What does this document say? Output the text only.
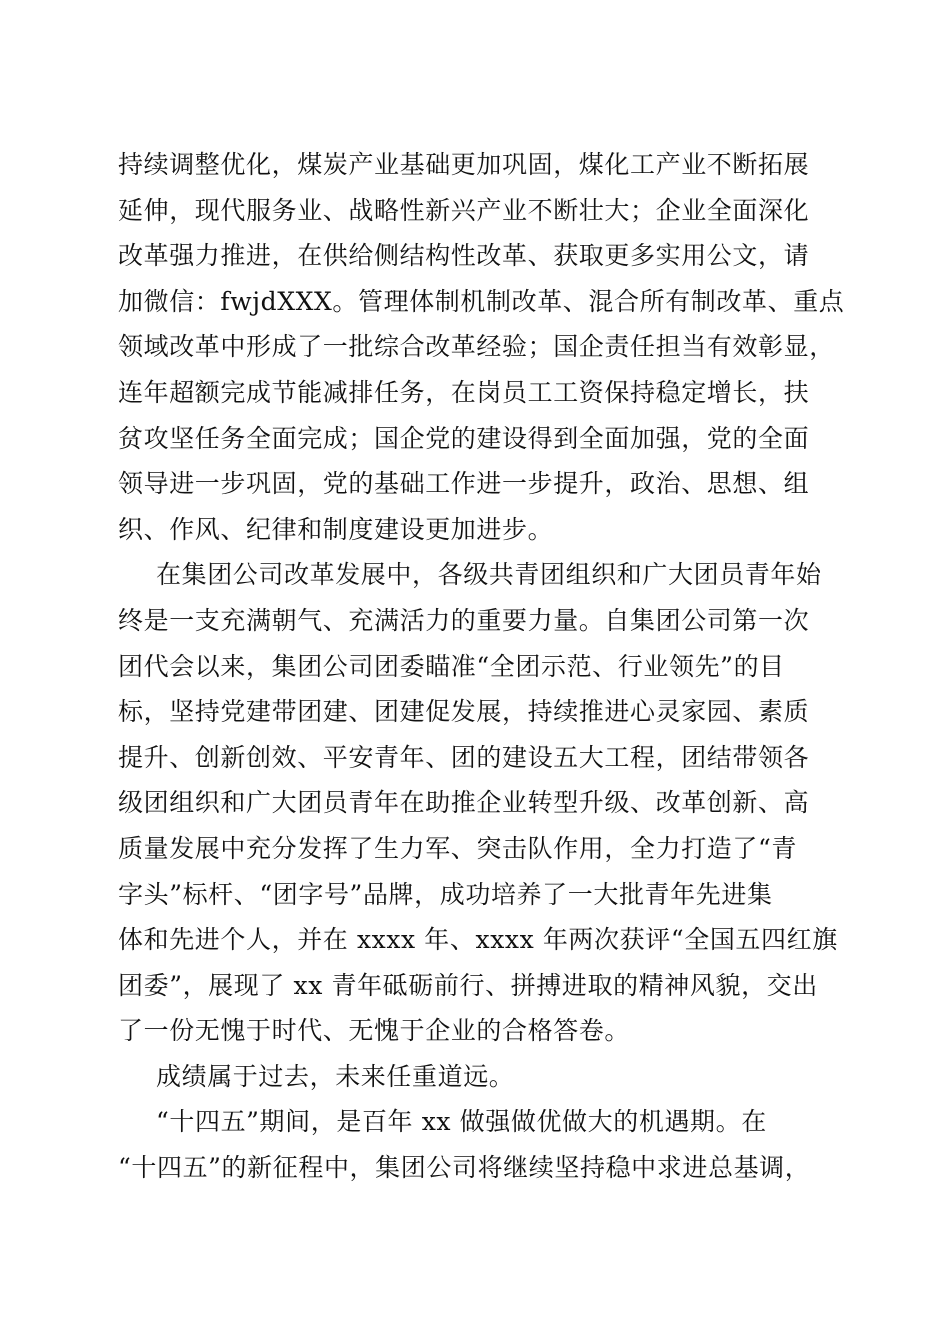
持续调整优化，煤炭产业基础更加巩固，煤化工产业不断拓展
延伸，现代服务业、战略性新兴产业不断壮大；企业全面深化
改革强力推进，在供给侧结构性改革、获取更多实用公文，请
加微信：fwjdXXX。管理体制机制改革、混合所有制改革、重点
领域改革中形成了一批综合改革经验；国企责任担当有效彰显，
连年超额完成节能减排任务，在岗员工工资保持稳定增长，扶
贫攻坚任务全面完成；国企党的建设得到全面加强，党的全面
领导进一步巩固，党的基础工作进一步提升，政治、思想、组
织、作风、纪律和制度建设更加进步。
在集团公司改革发展中，各级共青团组织和广大团员青年始
终是一支充满朝气、充满活力的重要力量。自集团公司第一次
团代会以来，集团公司团委瞄准“全团示范、行业领先”的目
标，坚持党建带团建、团建促发展，持续推进心灵家园、素质
提升、创新创效、平安青年、团的建设五大工程，团结带领各
级团组织和广大团员青年在助推企业转型升级、改革创新、高
质量发展中充分发挥了生力军、突击队作用，全力打造了“青
字头”标杆、“团字号”品牌，成功培养了一大批青年先进集
体和先进个人，并在 xxxx 年、xxxx 年两次获评“全国五四红旗
团委”，展现了 xx 青年砥砺前行、拼搏进取的精神风貌，交出
了一份无愧于时代、无愧于企业的合格答卷。
成绩属于过去，未来任重道远。
“十四五”期间，是百年 xx 做强做优做大的机遇期。在
“十四五”的新征程中，集团公司将继续坚持稳中求进总基调，
